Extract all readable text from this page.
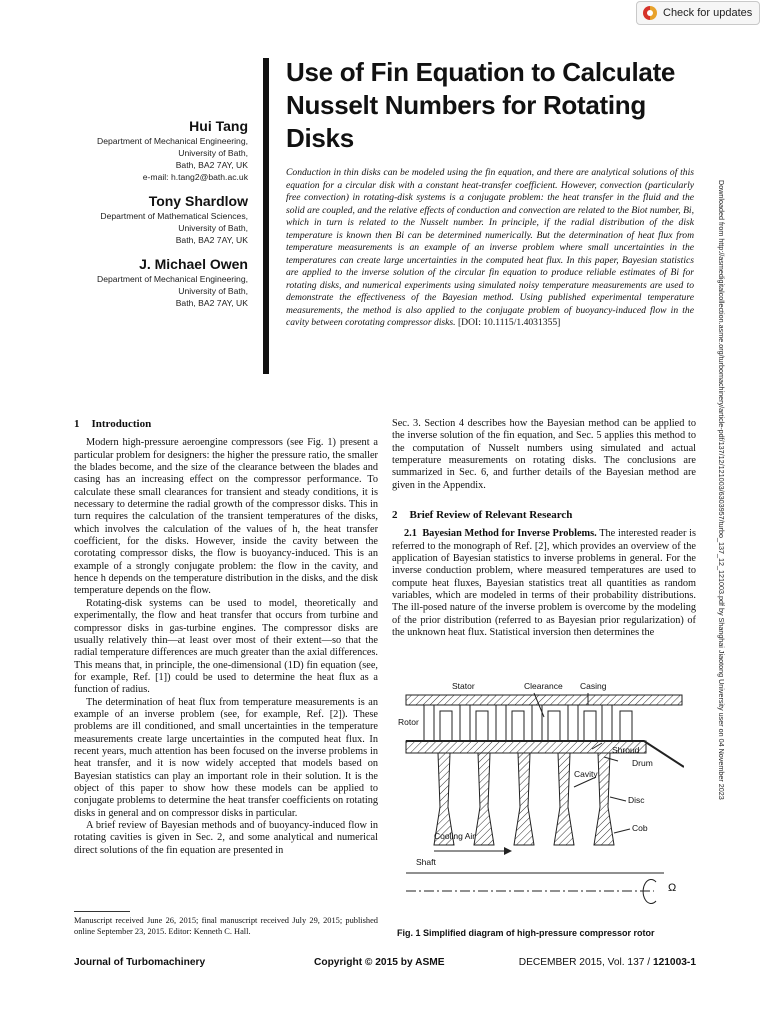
Check for updates

Hui Tang

Department of Mechanical Engineering,
University of Bath,
Bath, BA2 7AY, UK
e-mail: h.tang2@bath.ac.uk

Tony Shardlow

Department of Mathematical Sciences,
University of Bath,
Bath, BA2 7AY, UK

J. Michael Owen

Department of Mechanical Engineering,
University of Bath,
Bath, BA2 7AY, UK
Use of Fin Equation to Calculate Nusselt Numbers for Rotating Disks
Conduction in thin disks can be modeled using the fin equation, and there are analytical solutions of this equation for a circular disk with a constant heat-transfer coefficient. However, convection (particularly free convection) in rotating-disk systems is a conjugate problem: the heat transfer in the fluid and the solid are coupled, and the relative effects of conduction and convection are related to the Biot number, Bi, which in turn is related to the Nusselt number. In principle, if the radial distribution of the disk temperature is known then Bi can be determined numerically. But the determination of heat flux from temperature measurements is an example of an inverse problem where small uncertainties in the temperatures can create large uncertainties in the computed heat flux. In this paper, Bayesian statistics are applied to the inverse solution of the circular fin equation to produce reliable estimates of Bi for rotating disks, and numerical experiments using simulated noisy temperature measurements are used to demonstrate the effectiveness of the Bayesian method. Using published experimental temperature measurements, the method is also applied to the conjugate problem of buoyancy-induced flow in the cavity between corotating compressor disks. [DOI: 10.1115/1.4031355]	Downloaded from http://asmedigitalcollection.asme.org/turbomachinery/article-pdf/137/12/121003/6303957/turbo_137_12_121003.pdf by Shanghai Jiaotong University user on 04 November 2023
1 Introduction

Modern high-pressure aeroengine compressors (see Fig. 1) present a particular problem for designers: the higher the pressure ratio, the smaller the blades become, and the size of the clearance between the blades and casing has an increasing effect on the compressor performance. To calculate these small clearances for transient and steady conditions, it is necessary to determine the radial growth of the compressor disks. This in turn requires the calculation of the transient temperatures of the disks, which involves the calculation of the values of h, the heat transfer coefficient, for the disks. However, inside the cavity between the corotating compressor disks, the flow is buoyancy-induced. This is an example of a strongly conjugate problem: the flow in the cavity, and hence h depends on the temperature distribution in the disks, and the disk temperature depends on the flow.

Rotating-disk systems can be used to model, theoretically and experimentally, the flow and heat transfer that occurs from turbine and compressor disks in gas-turbine engines. The compressor disks are usually relatively thin—at least over most of their extent—so that the radial temperature differences are much greater than the axial differences. This means that, in principle, the one-dimensional (1D) fin equation (see, for example, Ref. [1]) could be used to determine the heat flux as a function of radius.

The determination of heat flux from temperature measurements is an example of an inverse problem (see, for example, Ref. [2]). These problems are ill conditioned, and small uncertainties in the temperature measurements create large uncertainties in the computed heat flux. In recent years, much attention has been focused on the inverse problems in heat transfer, and it is now widely accepted that models based on Bayesian statistics can play an important role in their solution. It is the object of this paper to show how these models can be applied to conjugate problems to determine the heat transfer coefficients on rotating disks in general and on compressor disks in particular.

A brief review of Bayesian methods and of buoyancy-induced flow in rotating cavities is given in Sec. 2, and some analytical and numerical direct solutions of the fin equation are presented in

Sec. 3. Section 4 describes how the Bayesian method can be applied to the inverse solution of the fin equation, and Sec. 5 applies this method to the computation of Nusselt numbers using simulated and actual temperature measurements on rotating disks. The conclusions are summarized in Sec. 6, and further details of the Bayesian method are given in the Appendix.

2 Brief Review of Relevant Research

2.1 Bayesian Method for Inverse Problems. The interested reader is referred to the monograph of Ref. [2], which provides an overview of the application of Bayesian statistics to inverse problems in general. For the inverse conduction problem, where measured temperatures are used to compute heat fluxes, Bayesian statistics treat all quantities as random variables, which are modeled in terms of their probability distributions. The ill-posed nature of the inverse problem is overcome by the modeling of the prior distribution (referred to as Bayesian prior regularization) of the unknown heat flux. Statistical inversion then determines the

Stator	Clearance Casing
Rotor
Shroud
Drum
Cavity
Disc
Cooling Air
Cob
Shaft
Ω
Fig. 1 Simplified diagram of high-pressure compressor rotor
Manuscript received June 26, 2015; final manuscript received July 29, 2015; published online September 23, 2015. Editor: Kenneth C. Hall.
Journal of Turbomachinery	Copyright © 2015 by ASME	DECEMBER 2015, Vol. 137 / 121003-1
